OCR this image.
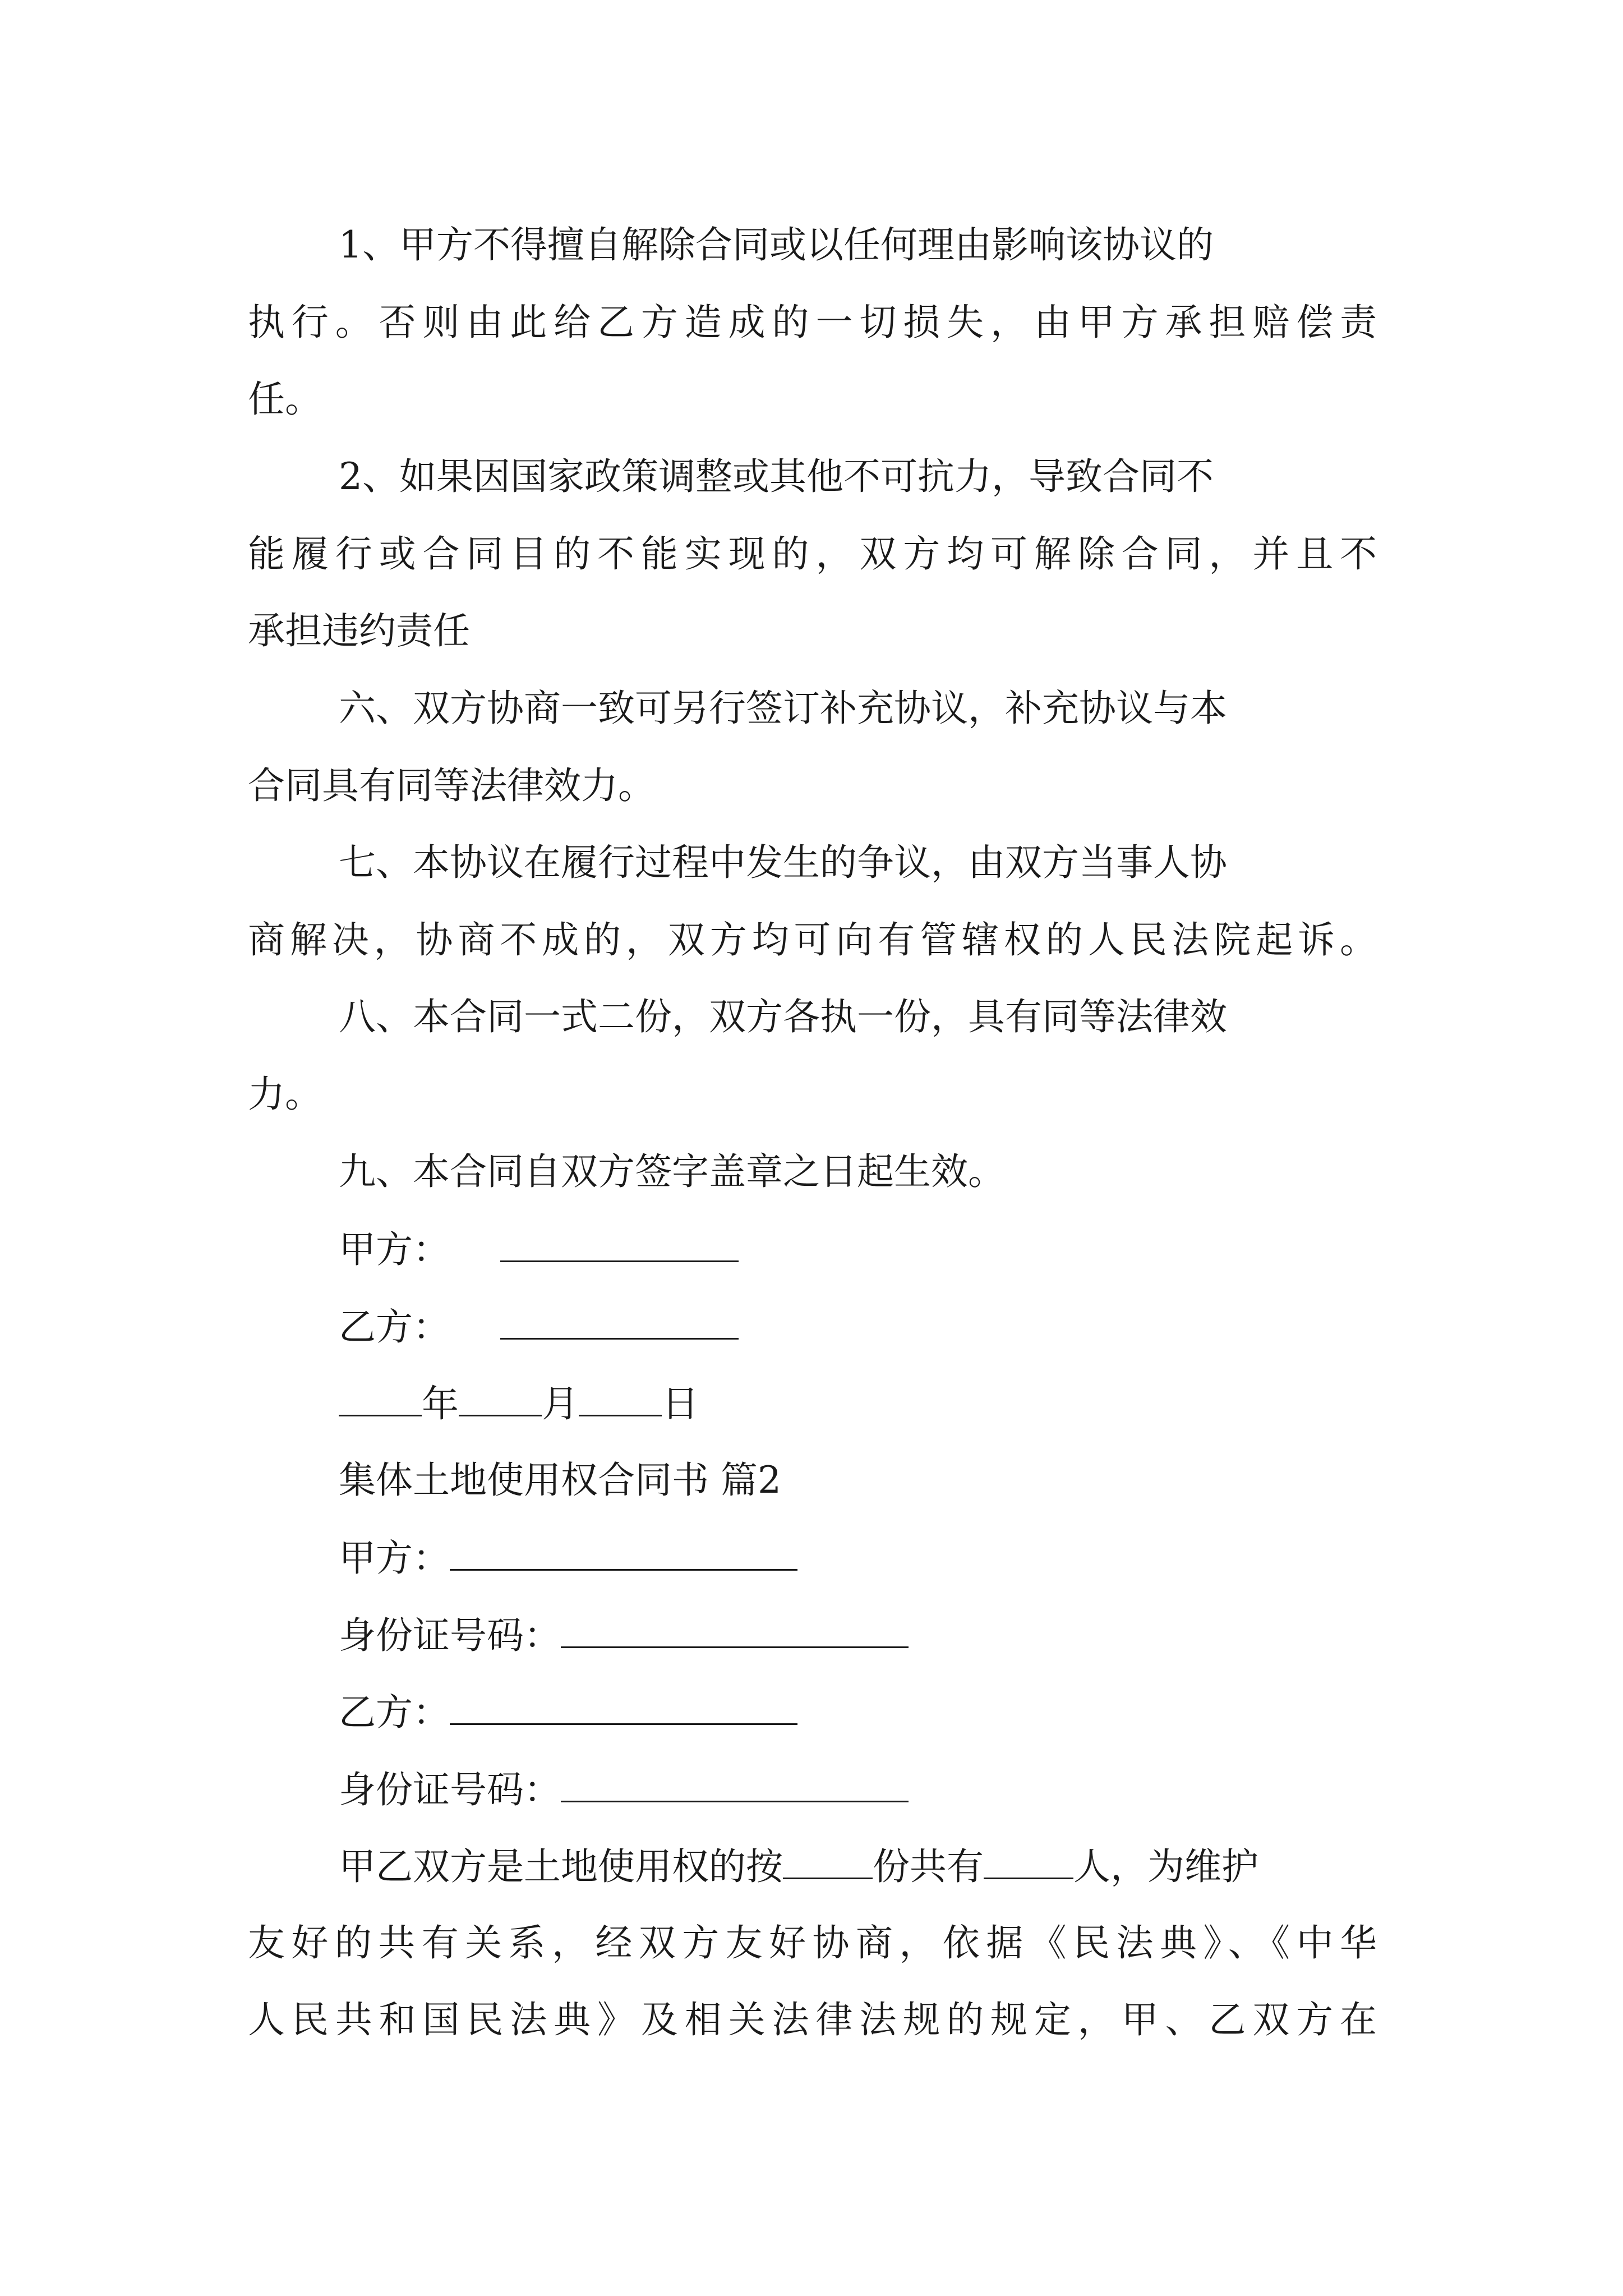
1、甲方不得擅自解除合同或以任何理由影响该协议的
执行。否则由此给乙方造成的一切损失，由甲方承担赔偿责
任。
2、如果因国家政策调整或其他不可抗力，导致合同不
能履行或合同目的不能实现的，双方均可解除合同，并且不
承担违约责任
六、双方协商一致可另行签订补充协议，补充协议与本
合同具有同等法律效力。
七、本协议在履行过程中发生的争议，由双方当事人协
商解决，协商不成的，双方均可向有管辖权的人民法院起诉。
八、本合同一式二份，双方各执一份，具有同等法律效
力。
九、本合同自双方签字盖章之日起生效。
甲方：
乙方：
年 月 日
集体土地使用权合同书 篇2
甲方：
身份证号码：
乙方：
身份证号码：
甲乙双方是土地使用权的按 份共有 人，为维护
友好的共有关系，经双方友好协商，依据《民法典》、《中华
人民共和国民法典》及相关法律法规的规定，甲、乙双方在
